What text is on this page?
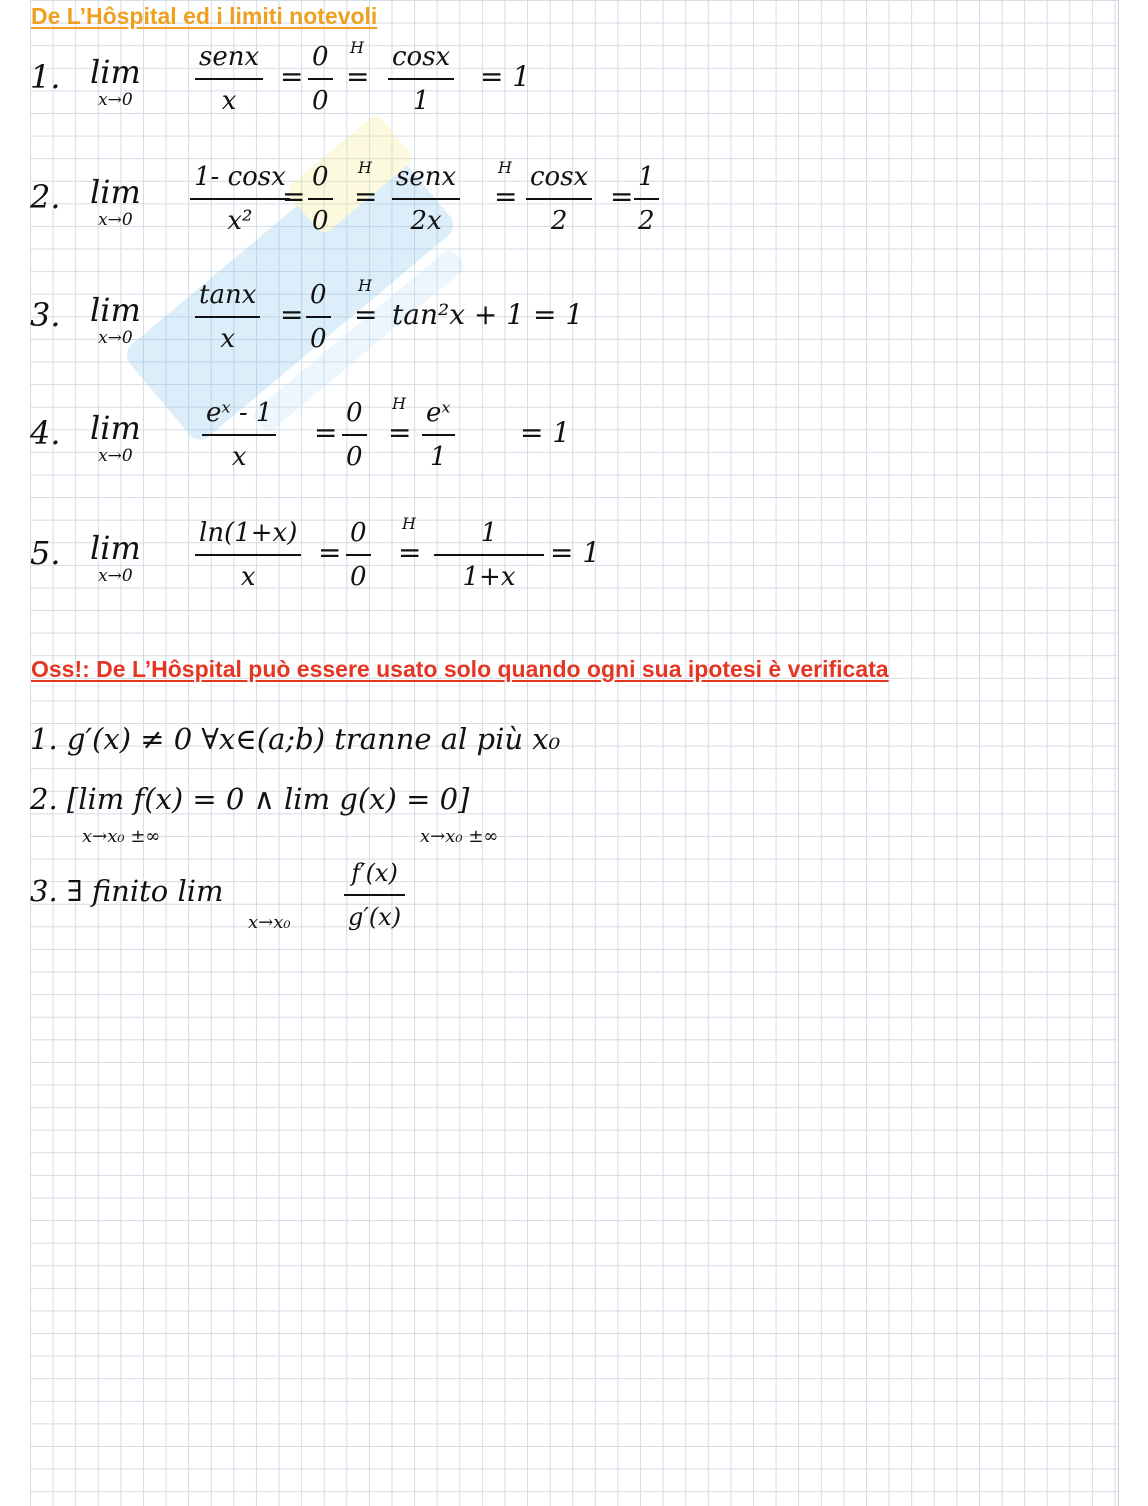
De L’Hôspital ed i limiti notevoli
1. lim
x→0
senx
x
=
0
0
H
=
cosx
1
= 1
2. lim
x→0
1- cosx
x²
=
0
0
H
=
senx
2x
H
=
cosx
2
=
1
2
3. lim
x→0
tanx
x
=
0
0
H
= tan²x + 1 = 1
4. lim
x→0
eˣ - 1
x
=
0
0
H
=
eˣ
1
= 1
5. lim
x→0
ln(1+x)
x
=
0
0
H
=
1
1+x
= 1
Oss!: De L’Hôspital può essere usato solo quando ogni sua ipotesi è verificata
1. g′(x) ≠ 0 ∀x∈(a;b) tranne al più x₀
2. [lim f(x) = 0 ∧ lim g(x) = 0]
x→x₀ ±∞	x→x₀ ±∞
3. ∃ finito lim
x→x₀
f′(x)
g′(x)
